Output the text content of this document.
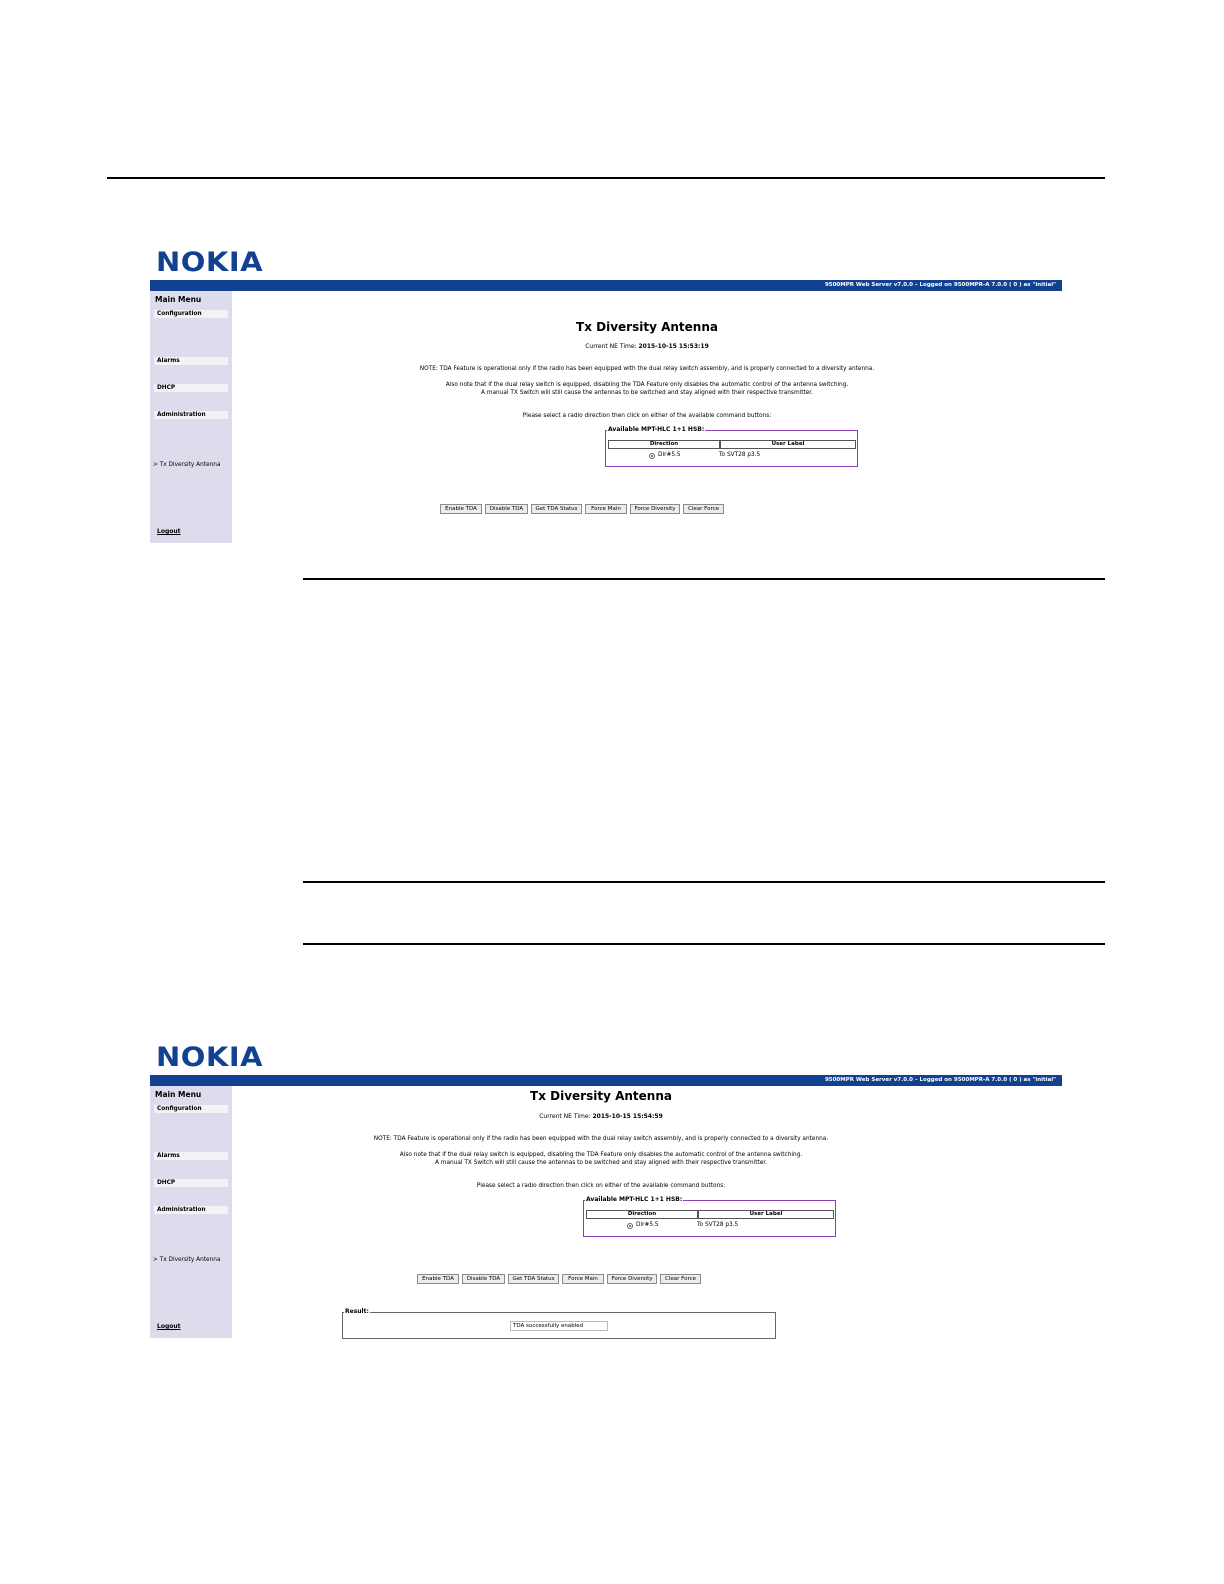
NOKIA
9500MPR Web Server v7.0.0 – Logged on 9500MPR-A 7.0.0 ( 0 ) as "initial"
Main Menu
Configuration
Alarms
DHCP
Administration
> Tx Diversity Antenna
Logout
Tx Diversity Antenna
Current NE Time: 2015-10-15 15:53:19
NOTE: TDA Feature is operational only if the radio has been equipped with the dual relay switch assembly, and is properly connected to a diversity antenna.
Also note that if the dual relay switch is equipped, disabling the TDA Feature only disables the automatic control of the antenna switching.
A manual TX Switch will still cause the antennas to be switched and stay aligned with their respective transmitter.
Please select a radio direction then click on either of the available command buttons:
Available MPT-HLC 1+1 HSB:
Direction	User Label
Dir#5.5	To SVT28 p3.5
Enable TDA	Disable TDA	Get TDA Status	Force Main	Force Diversity	Clear Force
NOKIA
9500MPR Web Server v7.0.0 – Logged on 9500MPR-A 7.0.0 ( 0 ) as "initial"
Main Menu
Configuration
Alarms
DHCP
Administration
> Tx Diversity Antenna
Logout
Tx Diversity Antenna
Current NE Time: 2015-10-15 15:54:59
NOTE: TDA Feature is operational only if the radio has been equipped with the dual relay switch assembly, and is properly connected to a diversity antenna.
Also note that if the dual relay switch is equipped, disabling the TDA Feature only disables the automatic control of the antenna switching.
A manual TX Switch will still cause the antennas to be switched and stay aligned with their respective transmitter.
Please select a radio direction then click on either of the available command buttons:
Available MPT-HLC 1+1 HSB:
Direction	User Label
Dir#5.5	To SVT28 p3.5
Enable TDA	Disable TDA	Get TDA Status	Force Main	Force Diversity	Clear Force
Result:
TDA successfully enabled
